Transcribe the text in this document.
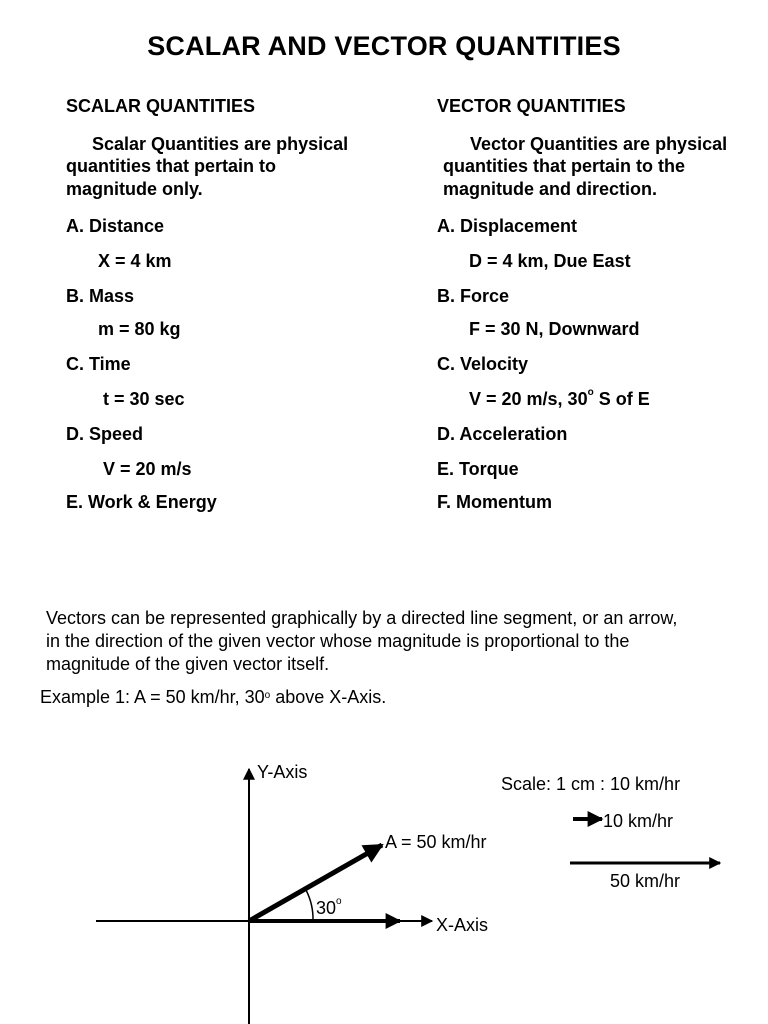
SCALAR AND VECTOR QUANTITIES
SCALAR QUANTITIES
Scalar Quantities are physical
quantities that pertain to
magnitude only.
A. Distance
X = 4 km
B. Mass
m = 80 kg
C. Time
t = 30 sec
D. Speed
V = 20 m/s
E. Work & Energy
VECTOR QUANTITIES
Vector Quantities are physical
quantities that pertain to the
magnitude and direction.
A. Displacement
D = 4 km, Due East
B. Force
F = 30 N, Downward
C. Velocity
V = 20 m/s, 30$^o$ S of E
D. Acceleration
E. Torque
F. Momentum
Vectors can be represented graphically by a directed line segment, or an arrow,
in the direction of the given vector whose magnitude is proportional to the
magnitude of the given vector itself.
Example 1: A = 50 km/hr, 30$^o$ above X-Axis.
Y-Axis
X-Axis
A = 50 km/hr
30$^o$
Scale: 1 cm : 10 km/hr
10 km/hr
50 km/hr
